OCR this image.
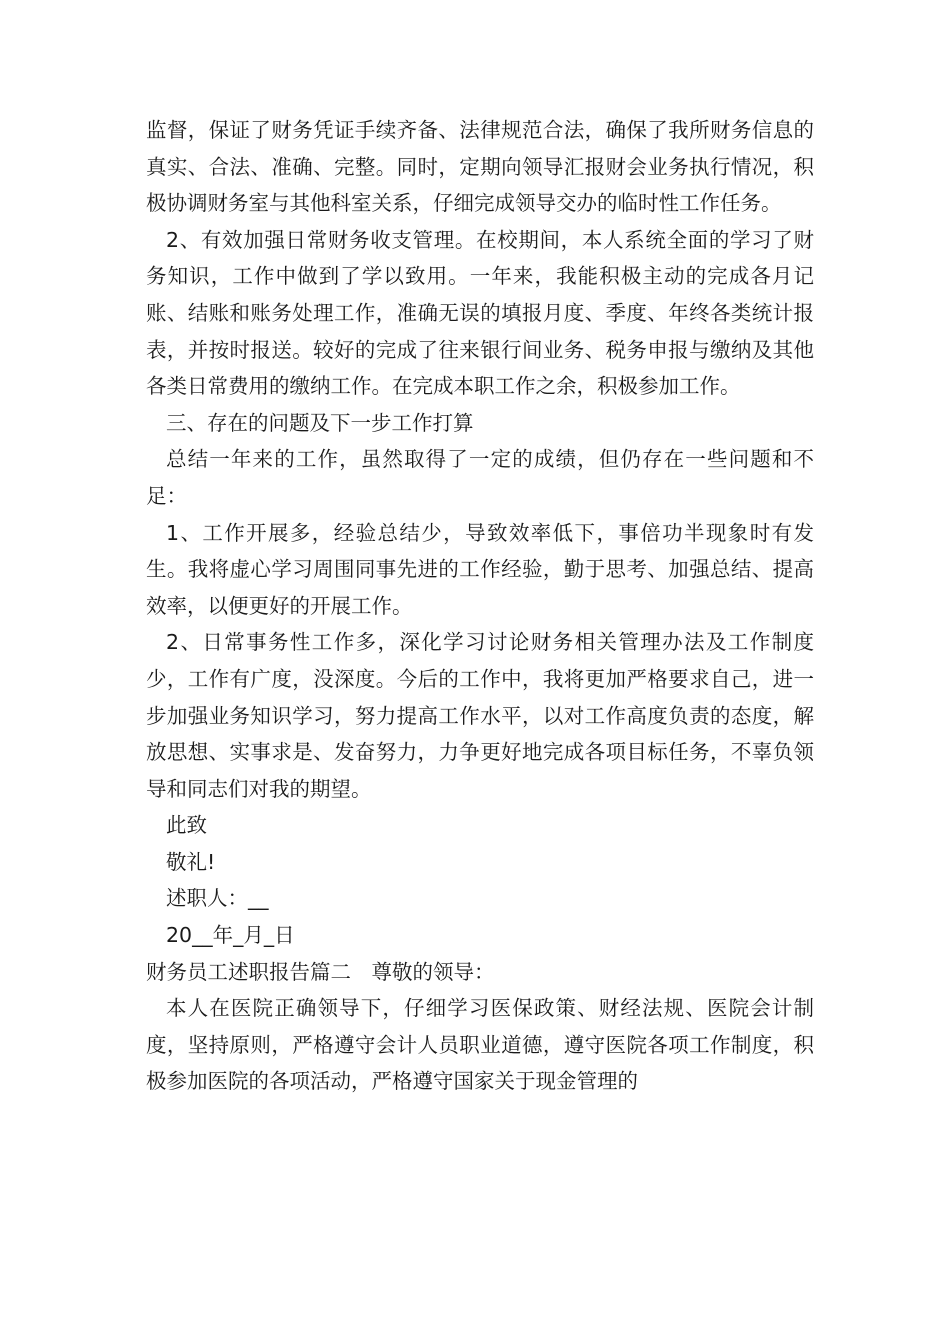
监督，保证了财务凭证手续齐备、法律规范合法，确保了我所财务信息的真实、合法、准确、完整。同时，定期向领导汇报财会业务执行情况，积极协调财务室与其他科室关系，仔细完成领导交办的临时性工作任务。

2、有效加强日常财务收支管理。在校期间，本人系统全面的学习了财务知识，工作中做到了学以致用。一年来，我能积极主动的完成各月记账、结账和账务处理工作，准确无误的填报月度、季度、年终各类统计报表，并按时报送。较好的完成了往来银行间业务、税务申报与缴纳及其他各类日常费用的缴纳工作。在完成本职工作之余，积极参加工作。

三、存在的问题及下一步工作打算

总结一年来的工作，虽然取得了一定的成绩，但仍存在一些问题和不足：

1、工作开展多，经验总结少，导致效率低下，事倍功半现象时有发生。我将虚心学习周围同事先进的工作经验，勤于思考、加强总结、提高效率，以便更好的开展工作。

2、日常事务性工作多，深化学习讨论财务相关管理办法及工作制度少，工作有广度，没深度。今后的工作中，我将更加严格要求自己，进一步加强业务知识学习，努力提高工作水平，以对工作高度负责的态度，解放思想、实事求是、发奋努力，力争更好地完成各项目标任务，不辜负领导和同志们对我的期望。

此致

敬礼!

述职人：__

20__年_月_日

财务员工述职报告篇二　尊敬的领导：

本人在医院正确领导下，仔细学习医保政策、财经法规、医院会计制度，坚持原则，严格遵守会计人员职业道德，遵守医院各项工作制度，积极参加医院的各项活动，严格遵守国家关于现金管理的
